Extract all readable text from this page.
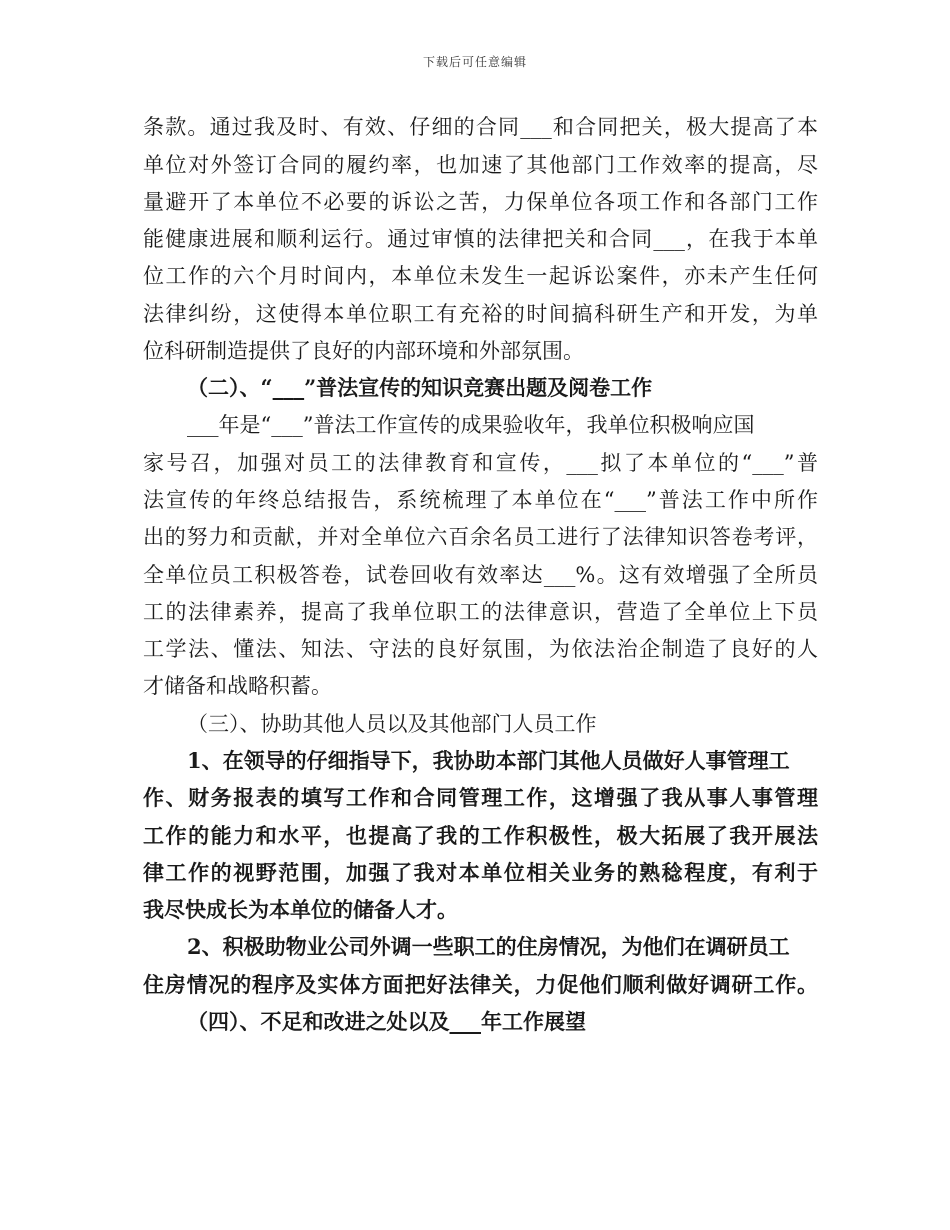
下载后可任意编辑
条款。通过我及时、有效、仔细的合同___和合同把关，极大提高了本
单位对外签订合同的履约率，也加速了其他部门工作效率的提高，尽
量避开了本单位不必要的诉讼之苦，力保单位各项工作和各部门工作
能健康进展和顺利运行。通过审慎的法律把关和合同___，在我于本单
位工作的六个月时间内，本单位未发生一起诉讼案件，亦未产生任何
法律纠纷，这使得本单位职工有充裕的时间搞科研生产和开发，为单
位科研制造提供了良好的内部环境和外部氛围。
（二）、“___”普法宣传的知识竞赛出题及阅卷工作
___年是“___”普法工作宣传的成果验收年，我单位积极响应国
家号召，加强对员工的法律教育和宣传，___拟了本单位的“___”普
法宣传的年终总结报告，系统梳理了本单位在“___”普法工作中所作
出的努力和贡献，并对全单位六百余名员工进行了法律知识答卷考评，
全单位员工积极答卷，试卷回收有效率达___%。这有效增强了全所员
工的法律素养，提高了我单位职工的法律意识，营造了全单位上下员
工学法、懂法、知法、守法的良好氛围，为依法治企制造了良好的人
才储备和战略积蓄。
（三）、协助其他人员以及其他部门人员工作
1、在领导的仔细指导下，我协助本部门其他人员做好人事管理工
作、财务报表的填写工作和合同管理工作，这增强了我从事人事管理
工作的能力和水平，也提高了我的工作积极性，极大拓展了我开展法
律工作的视野范围，加强了我对本单位相关业务的熟稔程度，有利于
我尽快成长为本单位的储备人才。
2、积极助物业公司外调一些职工的住房情况，为他们在调研员工
住房情况的程序及实体方面把好法律关，力促他们顺利做好调研工作。
（四）、不足和改进之处以及___年工作展望
